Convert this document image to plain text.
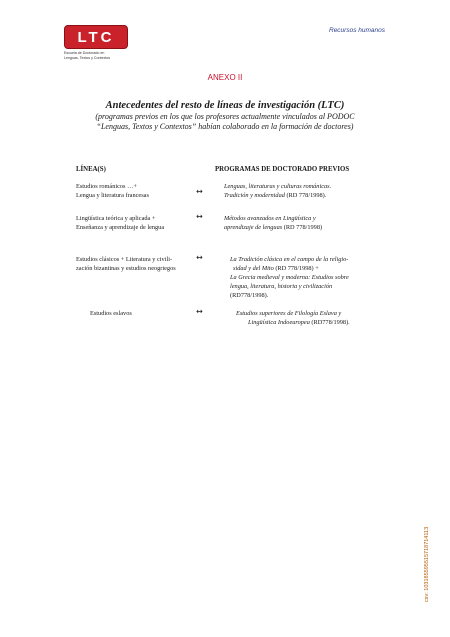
LTC
Escuela de Doctorado en
Lenguas, Textos y Contextos
Recursos humanos
ANEXO II
Antecedentes del resto de líneas de investigación (LTC)
(programas previos en los que los profesores actualmente vinculados al PODOC
“Lenguas, Textos y Contextos” habían colaborado en la formación de doctores)
LÍNEA(S)	PROGRAMAS DE DOCTORADO PREVIOS
Estudios románicos …+
Lengua y literatura francesas	↔
Lenguas, literaturas y culturas románicas.
Tradición y modernidad (RD 778/1998).
Lingüística teórica y aplicada +
Enseñanza y aprendizaje de lengua
↔	Métodos avanzados en Lingüística y
aprendizaje de lenguas (RD 778/1998)
Estudios clásicos + Literatura y civili-
zación bizantinas y estudios neogriegos
↔	La Tradición clásica en el campo de la religio-
sidad y del Mito (RD 778/1998) +
La Grecia medieval y moderna: Estudios sobre
lengua, literatura, historia y civilización
(RD778/1998).
Estudios eslavos	↔	Estudios superiores de Filología Eslava y
Lingüística Indoeuropea (RD778/1998).
csv: 103185595515718714113
